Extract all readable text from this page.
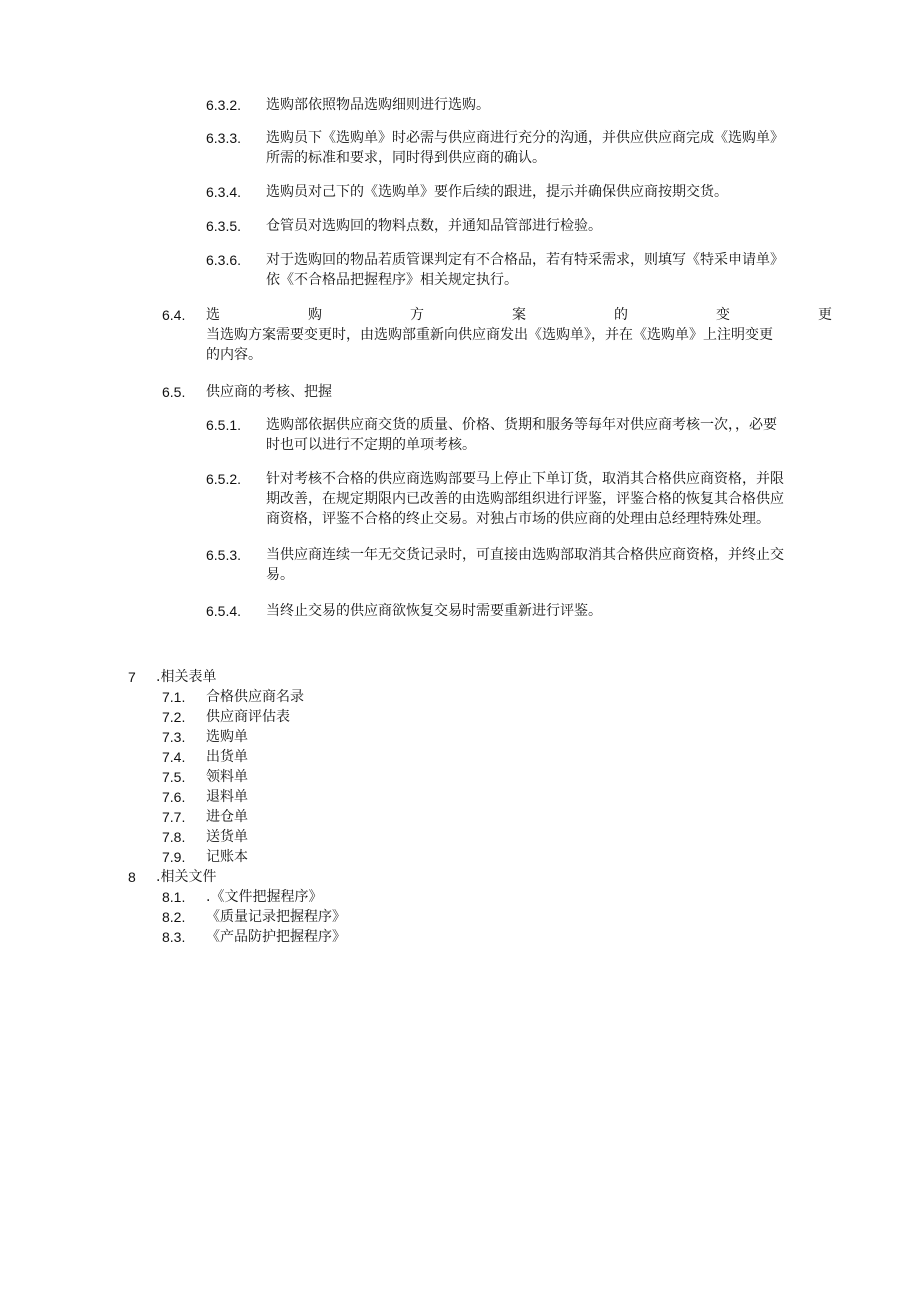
6.3.2. 选购部依照物品选购细则进行选购。
6.3.3. 选购员下《选购单》时必需与供应商进行充分的沟通，并供应供应商完成《选购单》
所需的标准和要求，同时得到供应商的确认。
6.3.4. 选购员对己下的《选购单》要作后续的跟进，提示并确保供应商按期交货。
6.3.5. 仓管员对选购回的物料点数，并通知品管部进行检验。
6.3.6. 对于选购回的物品若质管课判定有不合格品，若有特采需求，则填写《特采申请单》
依《不合格品把握程序》相关规定执行。
6.4. 选	购	方	案	的	变	更
当选购方案需要变更时，由选购部重新向供应商发出《选购单》，并在《选购单》上注明变更
的内容。
6.5. 供应商的考核、把握
6.5.1. 选购部依据供应商交货的质量、价格、货期和服务等每年对供应商考核一次，，必要
时也可以进行不定期的单项考核。
6.5.2. 针对考核不合格的供应商选购部要马上停止下单订货，取消其合格供应商资格，并限
期改善，在规定期限内已改善的由选购部组织进行评鉴，评鉴合格的恢复其合格供应
商资格，评鉴不合格的终止交易。对独占市场的供应商的处理由总经理特殊处理。
6.5.3. 当供应商连续一年无交货记录时，可直接由选购部取消其合格供应商资格，并终止交
易。
6.5.4. 当终止交易的供应商欲恢复交易时需要重新进行评鉴。
7 .相关表单
7.1. 合格供应商名录
7.2. 供应商评估表
7.3. 选购单
7.4. 出货单
7.5. 领料单
7.6. 退料单
7.7. 进仓单
7.8. 送货单
7.9. 记账本
8 .相关文件
8.1. .《文件把握程序》
8.2. 《质量记录把握程序》
8.3. 《产品防护把握程序》
